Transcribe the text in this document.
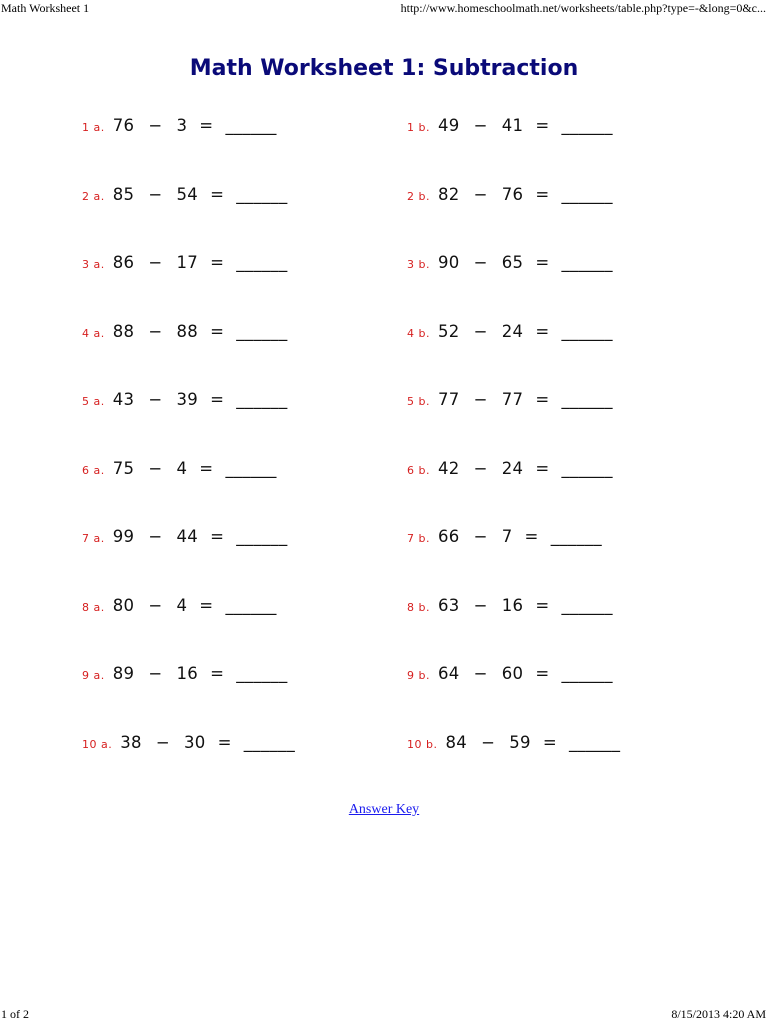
Math Worksheet 1	http://www.homeschoolmath.net/worksheets/table.php?type=-&long=0&c...
Math Worksheet 1: Subtraction
1 a. 76 − 3 = ______	1 b. 49 − 41 = ______
2 a. 85 − 54 = ______	2 b. 82 − 76 = ______
3 a. 86 − 17 = ______	3 b. 90 − 65 = ______
4 a. 88 − 88 = ______	4 b. 52 − 24 = ______
5 a. 43 − 39 = ______	5 b. 77 − 77 = ______
6 a. 75 − 4 = ______	6 b. 42 − 24 = ______
7 a. 99 − 44 = ______	7 b. 66 − 7 = ______
8 a. 80 − 4 = ______	8 b. 63 − 16 = ______
9 a. 89 − 16 = ______	9 b. 64 − 60 = ______
10 a. 38 − 30 = ______	10 b. 84 − 59 = ______
Answer Key
1 of 2	8/15/2013 4:20 AM
